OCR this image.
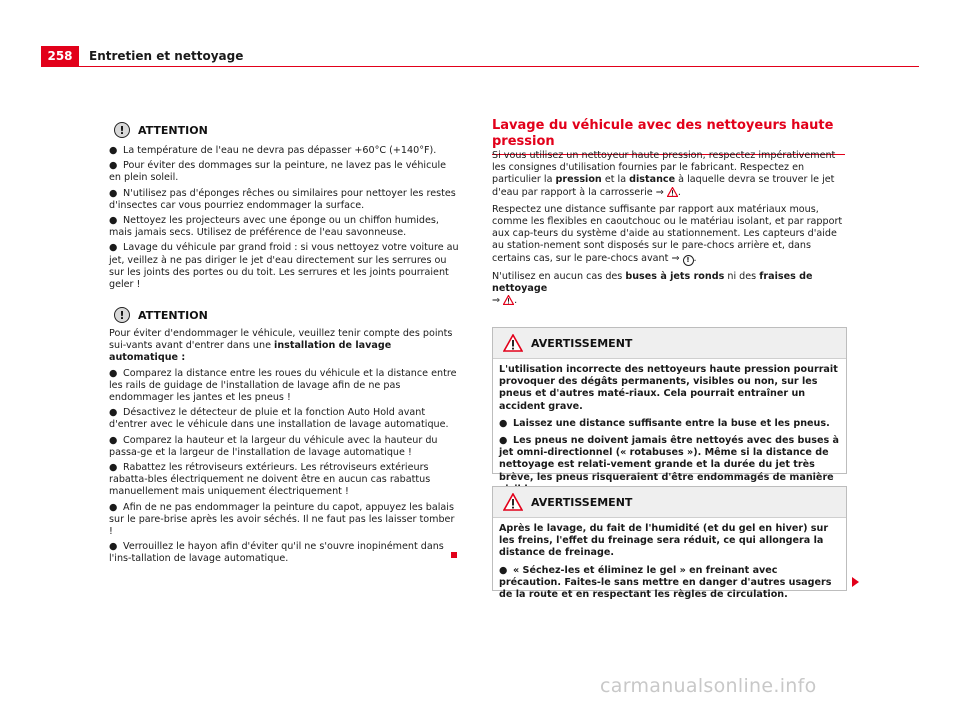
258	Entretien et nettoyage
!	ATTENTION

● La température de l'eau ne devra pas dépasser +60°C (+140°F).

● Pour éviter des dommages sur la peinture, ne lavez pas le véhicule en plein soleil.

● N'utilisez pas d'éponges rêches ou similaires pour nettoyer les restes d'insectes car vous pourriez endommager la surface.

● Nettoyez les projecteurs avec une éponge ou un chiffon humides, mais jamais secs. Utilisez de préférence de l'eau savonneuse.

● Lavage du véhicule par grand froid : si vous nettoyez votre voiture au jet, veillez à ne pas diriger le jet d'eau directement sur les serrures ou sur les joints des portes ou du toit. Les serrures et les joints pourraient geler !

!	ATTENTION

Pour éviter d'endommager le véhicule, veuillez tenir compte des points sui-vants avant d'entrer dans une installation de lavage automatique :

● Comparez la distance entre les roues du véhicule et la distance entre les rails de guidage de l'installation de lavage afin de ne pas endommager les jantes et les pneus !

● Désactivez le détecteur de pluie et la fonction Auto Hold avant d'entrer avec le véhicule dans une installation de lavage automatique.

● Comparez la hauteur et la largeur du véhicule avec la hauteur du passa-ge et la largeur de l'installation de lavage automatique !

● Rabattez les rétroviseurs extérieurs. Les rétroviseurs extérieurs rabatta-bles électriquement ne doivent être en aucun cas rabattus manuellement mais uniquement électriquement !

● Afin de ne pas endommager la peinture du capot, appuyez les balais sur le pare-brise après les avoir séchés. Il ne faut pas les laisser tomber !

● Verrouillez le hayon afin d'éviter qu'il ne s'ouvre inopinément dans l'ins-tallation de lavage automatique.

Lavage du véhicule avec des nettoyeurs haute pression

Si vous utilisez un nettoyeur haute pression, respectez impérativement les consignes d'utilisation fournies par le fabricant. Respectez en particulier la pression et la distance à laquelle devra se trouver le jet d'eau par rapport à la carrosserie ⇒ .

Respectez une distance suffisante par rapport aux matériaux mous, comme les flexibles en caoutchouc ou le matériau isolant, et par rapport aux cap-teurs du système d'aide au stationnement. Les capteurs d'aide au station-nement sont disposés sur le pare-chocs arrière et, dans certains cas, sur le pare-chocs avant ⇒ ! .

N'utilisez en aucun cas des buses à jets ronds ni des fraises de nettoyage
⇒ .

AVERTISSEMENT

L'utilisation incorrecte des nettoyeurs haute pression pourrait provoquer des dégâts permanents, visibles ou non, sur les pneus et d'autres maté-riaux. Cela pourrait entraîner un accident grave.

● Laissez une distance suffisante entre la buse et les pneus.

● Les pneus ne doivent jamais être nettoyés avec des buses à jet omni-directionnel (« rotabuses »). Même si la distance de nettoyage est relati-vement grande et la durée du jet très brève, les pneus risqueraient d'être endommagés de manière

AVERTISSEMENT

Après le lavage, du fait de l'humidité (et du gel en hiver) sur les freins, l'effet du freinage sera réduit, ce qui allongera la distance de freinage.

● « Séchez-les et éliminez le gel » en freinant avec précaution. Faites-le sans mettre en danger d'autres usagers de la route et en respectant les règles de circulation.

carmanualsonline.info
